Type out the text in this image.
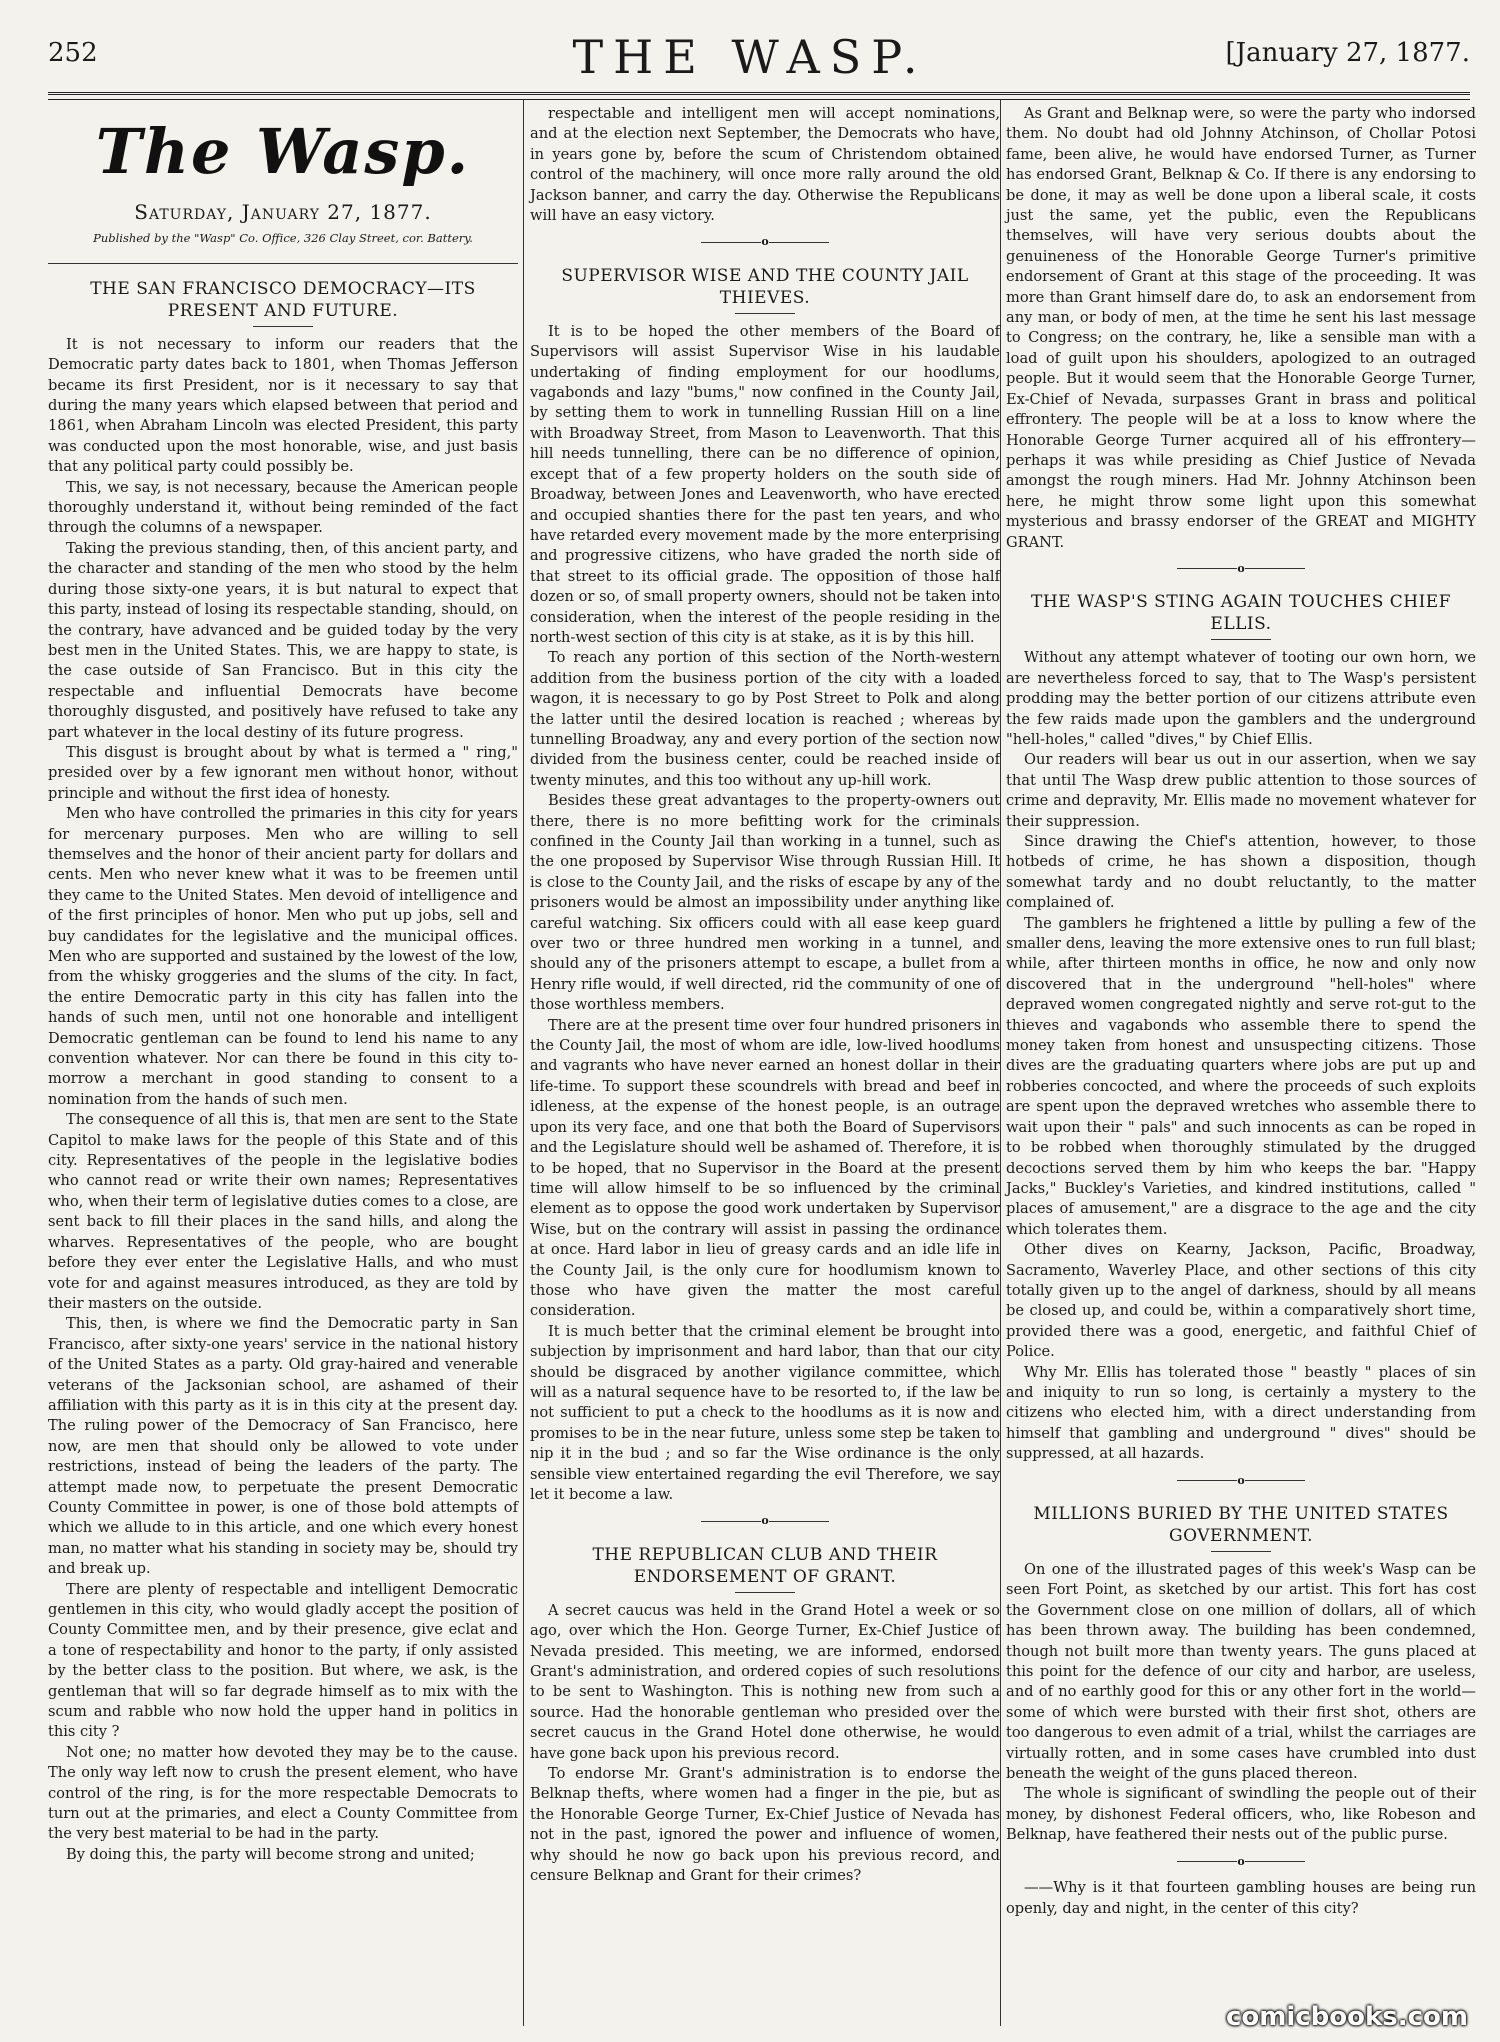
252	THE WASP.	[January 27, 1877.
The Wasp.
Saturday, January 27, 1877.
Published by the "Wasp" Co. Office, 326 Clay Street, cor. Battery.
THE SAN FRANCISCO DEMOCRACY—ITS PRESENT AND FUTURE.

It is not necessary to inform our readers that the Democratic party dates back to 1801, when Thomas Jefferson became its first President, nor is it necessary to say that during the many years which elapsed between that period and 1861, when Abraham Lincoln was elected President, this party was conducted upon the most honorable, wise, and just basis that any political party could possibly be.

This, we say, is not necessary, because the American people thoroughly understand it, without being reminded of the fact through the columns of a newspaper.

Taking the previous standing, then, of this ancient party, and the character and standing of the men who stood by the helm during those sixty-one years, it is but natural to expect that this party, instead of losing its respectable standing, should, on the contrary, have advanced and be guided today by the very best men in the United States. This, we are happy to state, is the case outside of San Francisco. But in this city the respectable and influential Democrats have become thoroughly disgusted, and positively have refused to take any part whatever in the local destiny of its future progress.

This disgust is brought about by what is termed a " ring," presided over by a few ignorant men without honor, without principle and without the first idea of honesty.

Men who have controlled the primaries in this city for years for mercenary purposes. Men who are willing to sell themselves and the honor of their ancient party for dollars and cents. Men who never knew what it was to be freemen until they came to the United States. Men devoid of intelligence and of the first principles of honor. Men who put up jobs, sell and buy candidates for the legislative and the municipal offices. Men who are supported and sustained by the lowest of the low, from the whisky groggeries and the slums of the city. In fact, the entire Democratic party in this city has fallen into the hands of such men, until not one honorable and intelligent Democratic gentleman can be found to lend his name to any convention whatever. Nor can there be found in this city to-morrow a merchant in good standing to consent to a nomination from the hands of such men.

The consequence of all this is, that men are sent to the State Capitol to make laws for the people of this State and of this city. Representatives of the people in the legislative bodies who cannot read or write their own names; Representatives who, when their term of legislative duties comes to a close, are sent back to fill their places in the sand hills, and along the wharves. Representatives of the people, who are bought before they ever enter the Legislative Halls, and who must vote for and against measures introduced, as they are told by their masters on the outside.

This, then, is where we find the Democratic party in San Francisco, after sixty-one years' service in the national history of the United States as a party. Old gray-haired and venerable veterans of the Jacksonian school, are ashamed of their affiliation with this party as it is in this city at the present day. The ruling power of the Democracy of San Francisco, here now, are men that should only be allowed to vote under restrictions, instead of being the leaders of the party. The attempt made now, to perpetuate the present Democratic County Committee in power, is one of those bold attempts of which we allude to in this article, and one which every honest man, no matter what his standing in society may be, should try and break up.

There are plenty of respectable and intelligent Democratic gentlemen in this city, who would gladly accept the position of County Committee men, and by their presence, give eclat and a tone of respectability and honor to the party, if only assisted by the better class to the position. But where, we ask, is the gentleman that will so far degrade himself as to mix with the scum and rabble who now hold the upper hand in politics in this city ?

Not one; no matter how devoted they may be to the cause. The only way left now to crush the present element, who have control of the ring, is for the more respectable Democrats to turn out at the primaries, and elect a County Committee from the very best material to be had in the party.

By doing this, the party will become strong and united;

respectable and intelligent men will accept nominations, and at the election next September, the Democrats who have, in years gone by, before the scum of Christendom obtained control of the machinery, will once more rally around the old Jackson banner, and carry the day. Otherwise the Republicans will have an easy victory.

o
SUPERVISOR WISE AND THE COUNTY JAIL THIEVES.

It is to be hoped the other members of the Board of Supervisors will assist Supervisor Wise in his laudable undertaking of finding employment for our hoodlums, vagabonds and lazy "bums," now confined in the County Jail, by setting them to work in tunnelling Russian Hill on a line with Broadway Street, from Mason to Leavenworth. That this hill needs tunnelling, there can be no difference of opinion, except that of a few property holders on the south side of Broadway, between Jones and Leavenworth, who have erected and occupied shanties there for the past ten years, and who have retarded every movement made by the more enterprising and progressive citizens, who have graded the north side of that street to its official grade. The opposition of those half dozen or so, of small property owners, should not be taken into consideration, when the interest of the people residing in the north-west section of this city is at stake, as it is by this hill.

To reach any portion of this section of the North-western addition from the business portion of the city with a loaded wagon, it is necessary to go by Post Street to Polk and along the latter until the desired location is reached ; whereas by tunnelling Broadway, any and every portion of the section now divided from the business center, could be reached inside of twenty minutes, and this too without any up-hill work.

Besides these great advantages to the property-owners out there, there is no more befitting work for the criminals confined in the County Jail than working in a tunnel, such as the one proposed by Supervisor Wise through Russian Hill. It is close to the County Jail, and the risks of escape by any of the prisoners would be almost an impossibility under anything like careful watching. Six officers could with all ease keep guard over two or three hundred men working in a tunnel, and should any of the prisoners attempt to escape, a bullet from a Henry rifle would, if well directed, rid the community of one of those worthless members.

There are at the present time over four hundred prisoners in the County Jail, the most of whom are idle, low-lived hoodlums and vagrants who have never earned an honest dollar in their life-time. To support these scoundrels with bread and beef in idleness, at the expense of the honest people, is an outrage upon its very face, and one that both the Board of Supervisors and the Legislature should well be ashamed of. Therefore, it is to be hoped, that no Supervisor in the Board at the present time will allow himself to be so influenced by the criminal element as to oppose the good work undertaken by Supervisor Wise, but on the contrary will assist in passing the ordinance at once. Hard labor in lieu of greasy cards and an idle life in the County Jail, is the only cure for hoodlumism known to those who have given the matter the most careful consideration.

It is much better that the criminal element be brought into subjection by imprisonment and hard labor, than that our city should be disgraced by another vigilance committee, which will as a natural sequence have to be resorted to, if the law be not sufficient to put a check to the hoodlums as it is now and promises to be in the near future, unless some step be taken to nip it in the bud ; and so far the Wise ordinance is the only sensible view entertained regarding the evil Therefore, we say let it become a law.

o
THE REPUBLICAN CLUB AND THEIR ENDORSEMENT OF GRANT.

A secret caucus was held in the Grand Hotel a week or so ago, over which the Hon. George Turner, Ex-Chief Justice of Nevada presided. This meeting, we are informed, endorsed Grant's administration, and ordered copies of such resolutions to be sent to Washington. This is nothing new from such a source. Had the honorable gentleman who presided over the secret caucus in the Grand Hotel done otherwise, he would have gone back upon his previous record.

To endorse Mr. Grant's administration is to endorse the Belknap thefts, where women had a finger in the pie, but as the Honorable George Turner, Ex-Chief Justice of Nevada has not in the past, ignored the power and influence of women, why should he now go back upon his previous record, and censure Belknap and Grant for their crimes?

As Grant and Belknap were, so were the party who indorsed them. No doubt had old Johnny Atchinson, of Chollar Potosi fame, been alive, he would have endorsed Turner, as Turner has endorsed Grant, Belknap & Co. If there is any endorsing to be done, it may as well be done upon a liberal scale, it costs just the same, yet the public, even the Republicans themselves, will have very serious doubts about the genuineness of the Honorable George Turner's primitive endorsement of Grant at this stage of the proceeding. It was more than Grant himself dare do, to ask an endorsement from any man, or body of men, at the time he sent his last message to Congress; on the contrary, he, like a sensible man with a load of guilt upon his shoulders, apologized to an outraged people. But it would seem that the Honorable George Turner, Ex-Chief of Nevada, surpasses Grant in brass and political effrontery. The people will be at a loss to know where the Honorable George Turner acquired all of his effrontery—perhaps it was while presiding as Chief Justice of Nevada amongst the rough miners. Had Mr. Johnny Atchinson been here, he might throw some light upon this somewhat mysterious and brassy endorser of the GREAT and MIGHTY GRANT.

o
THE WASP'S STING AGAIN TOUCHES CHIEF ELLIS.

Without any attempt whatever of tooting our own horn, we are nevertheless forced to say, that to The Wasp's persistent prodding may the better portion of our citizens attribute even the few raids made upon the gamblers and the underground "hell-holes," called "dives," by Chief Ellis.

Our readers will bear us out in our assertion, when we say that until The Wasp drew public attention to those sources of crime and depravity, Mr. Ellis made no movement whatever for their suppression.

Since drawing the Chief's attention, however, to those hotbeds of crime, he has shown a disposition, though somewhat tardy and no doubt reluctantly, to the matter complained of.

The gamblers he frightened a little by pulling a few of the smaller dens, leaving the more extensive ones to run full blast; while, after thirteen months in office, he now and only now discovered that in the underground "hell-holes" where depraved women congregated nightly and serve rot-gut to the thieves and vagabonds who assemble there to spend the money taken from honest and unsuspecting citizens. Those dives are the graduating quarters where jobs are put up and robberies concocted, and where the proceeds of such exploits are spent upon the depraved wretches who assemble there to wait upon their " pals" and such innocents as can be roped in to be robbed when thoroughly stimulated by the drugged decoctions served them by him who keeps the bar. "Happy Jacks," Buckley's Varieties, and kindred institutions, called " places of amusement," are a disgrace to the age and the city which tolerates them.

Other dives on Kearny, Jackson, Pacific, Broadway, Sacramento, Waverley Place, and other sections of this city totally given up to the angel of darkness, should by all means be closed up, and could be, within a comparatively short time, provided there was a good, energetic, and faithful Chief of Police.

Why Mr. Ellis has tolerated those " beastly " places of sin and iniquity to run so long, is certainly a mystery to the citizens who elected him, with a direct understanding from himself that gambling and underground " dives" should be suppressed, at all hazards.

o
MILLIONS BURIED BY THE UNITED STATES GOVERNMENT.

On one of the illustrated pages of this week's Wasp can be seen Fort Point, as sketched by our artist. This fort has cost the Government close on one million of dollars, all of which has been thrown away. The building has been condemned, though not built more than twenty years. The guns placed at this point for the defence of our city and harbor, are useless, and of no earthly good for this or any other fort in the world—some of which were bursted with their first shot, others are too dangerous to even admit of a trial, whilst the carriages are virtually rotten, and in some cases have crumbled into dust beneath the weight of the guns placed thereon.

The whole is significant of swindling the people out of their money, by dishonest Federal officers, who, like Robeson and Belknap, have feathered their nests out of the public purse.

o

——Why is it that fourteen gambling houses are being run openly, day and night, in the center of this city?

comicbooks.com
